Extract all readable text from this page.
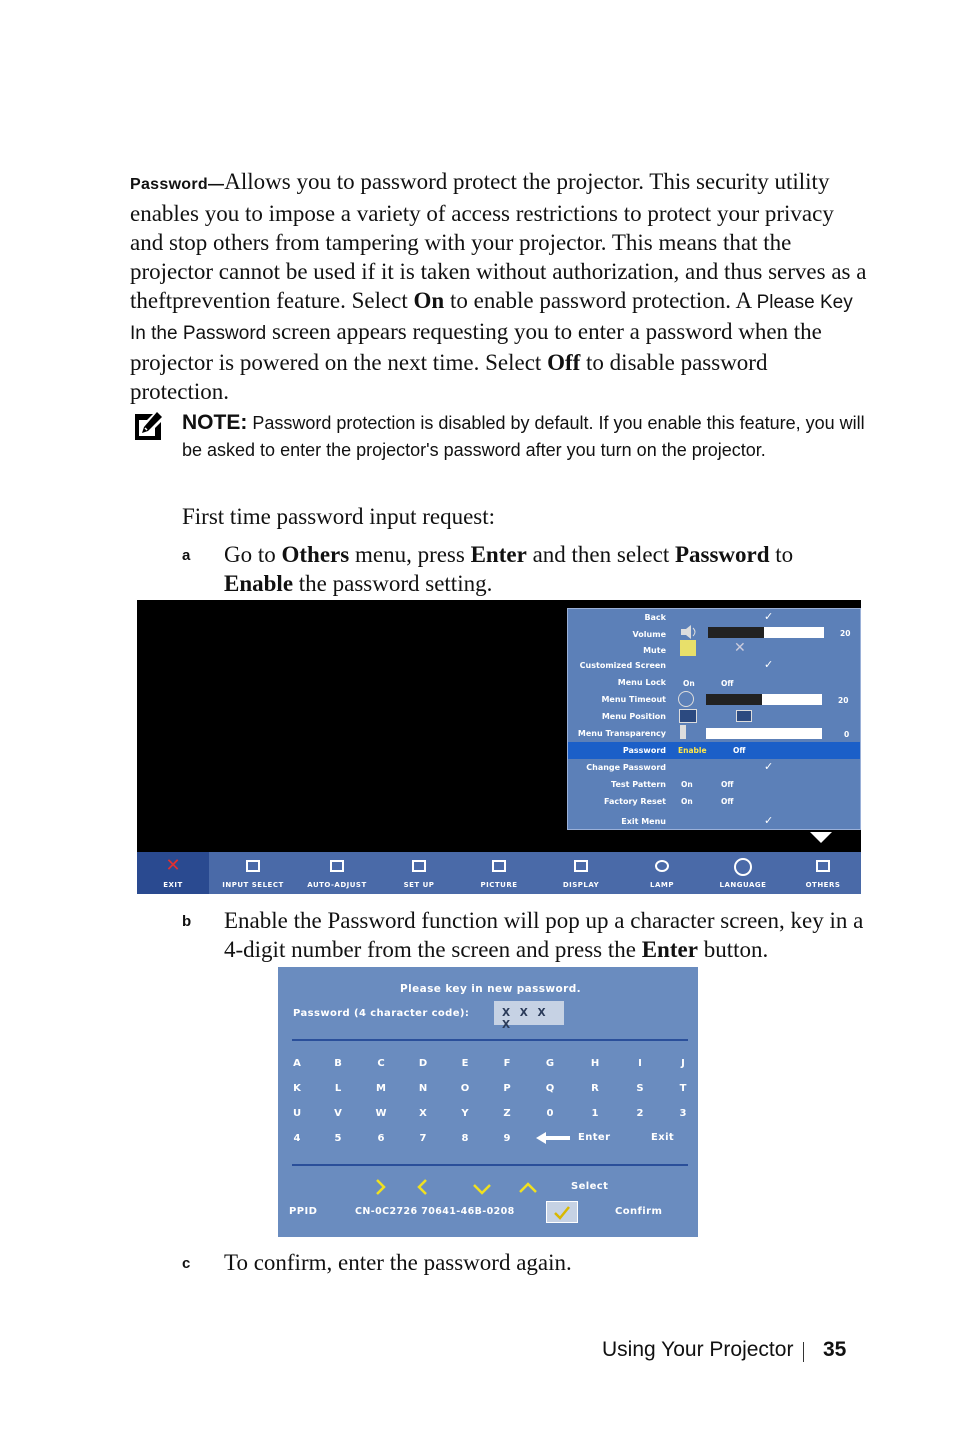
Password—Allows you to password protect the projector. This security utility enables you to impose a variety of access restrictions to protect your privacy and stop others from tampering with your projector. This means that the projector cannot be used if it is taken without authorization, and thus serves as a theftprevention feature. Select On to enable password protection. A Please Key In the Password screen appears requesting you to enter a password when the projector is powered on the next time. Select Off to disable password protection.
NOTE: Password protection is disabled by default. If you enable this feature, you will be asked to enter the projector's password after you turn on the projector.
First time password input request:
a Go to Others menu, press Enter and then select Password to Enable the password setting.
Back	✓
Volume	20
Mute	✕
Customized Screen	✓
Menu Lock On	Off
Menu Timeout	20
Menu Position
Menu Transparency	0
Password Enable	Off
Change Password	✓
Test Pattern On	Off
Factory Reset On	Off
Exit Menu	✓
✕
EXIT	INPUT SELECT	AUTO-ADJUST	SET UP	PICTURE	DISPLAY	LAMP	LANGUAGE	OTHERS
b Enable the Password function will pop up a character screen, key in a 4-digit number from the screen and press the Enter button.
Please key in new password.
Password (4 character code):	X X X X
A	B	C	D	E	F	G	H	I	J
K	L	M	N	O	P	Q	R	S	T
U	V	W	X	Y	Z	0	1	2	3
4	5	6	7	8	9	Enter	Exit
Select
PPID	CN-0C2726 70641-46B-0208	Confirm
c To confirm, enter the password again.
Using Your Projector 35
